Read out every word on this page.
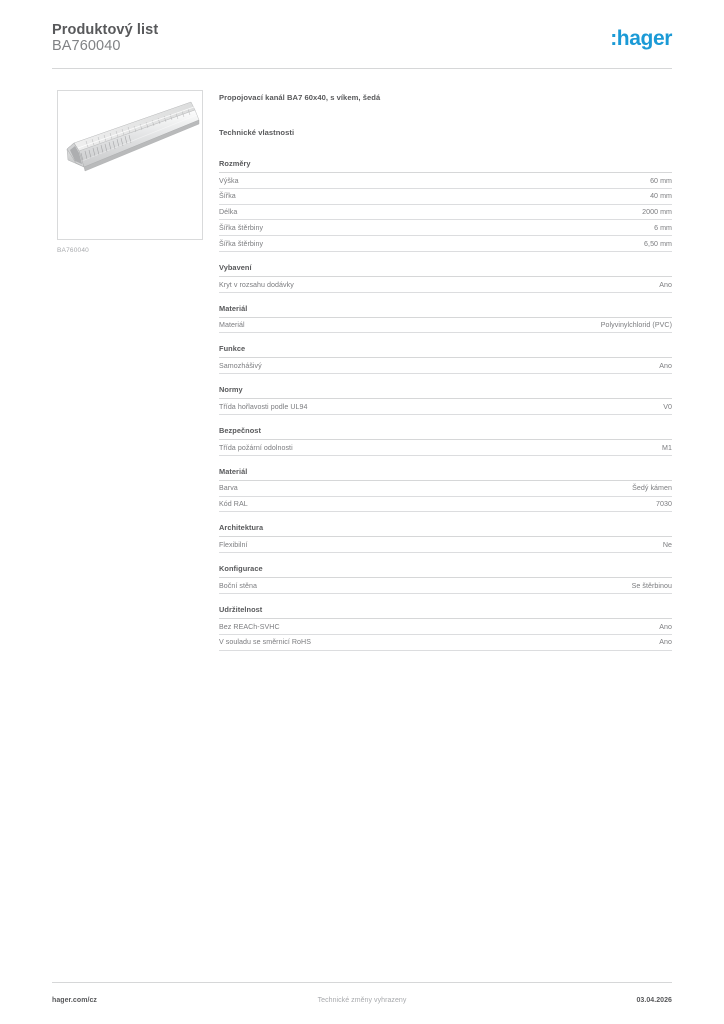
Produktový list
BA760040	:hager
BA760040
Propojovací kanál BA7 60x40, s víkem, šedá
Technické vlastnosti
Rozměry
Výška	60 mm
Šířka	40 mm
Délka	2000 mm
Šířka štěrbiny	6 mm
Šířka štěrbiny	6,50 mm
Vybavení
Kryt v rozsahu dodávky	Ano
Materiál
Materiál	Polyvinylchlorid (PVC)
Funkce
Samozhášivý	Ano
Normy
Třída hořlavosti podle UL94	V0
Bezpečnost
Třída požární odolnosti	M1
Materiál
Barva	Šedý kámen
Kód RAL	7030
Architektura
Flexibilní	Ne
Konfigurace
Boční stěna	Se štěrbinou
Udržitelnost
Bez REACh-SVHC	Ano
V souladu se směrnicí RoHS	Ano
hager.com/cz	Technické změny vyhrazeny	03.04.2026
